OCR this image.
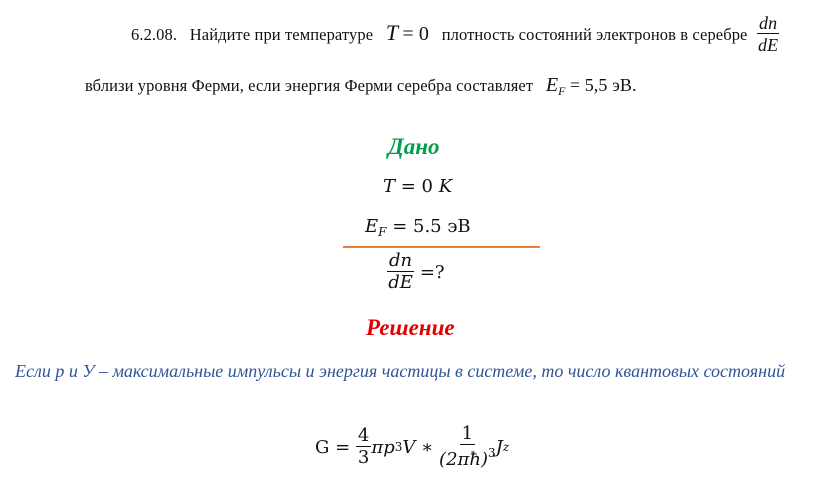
6.2.08. Найдите при температуре T = 0 плотность состояний электронов в серебре $\frac{dn}{dE}$
вблизи уровня Ферми, если энергия Ферми серебра составляет $E_F = 5,5$ эВ.
Дано
T = 0 K
$E_F = 5.5$ эВ
$\frac{dn}{dE}$ =?
Решение
Если р и У – максимальные импульсы и энергия частицы в системе, то число квантовых состояний
$G = \frac{4}{3}$ πp 3 V ∗ $\frac{1}{(2\pi ħ)^3}$ J z
